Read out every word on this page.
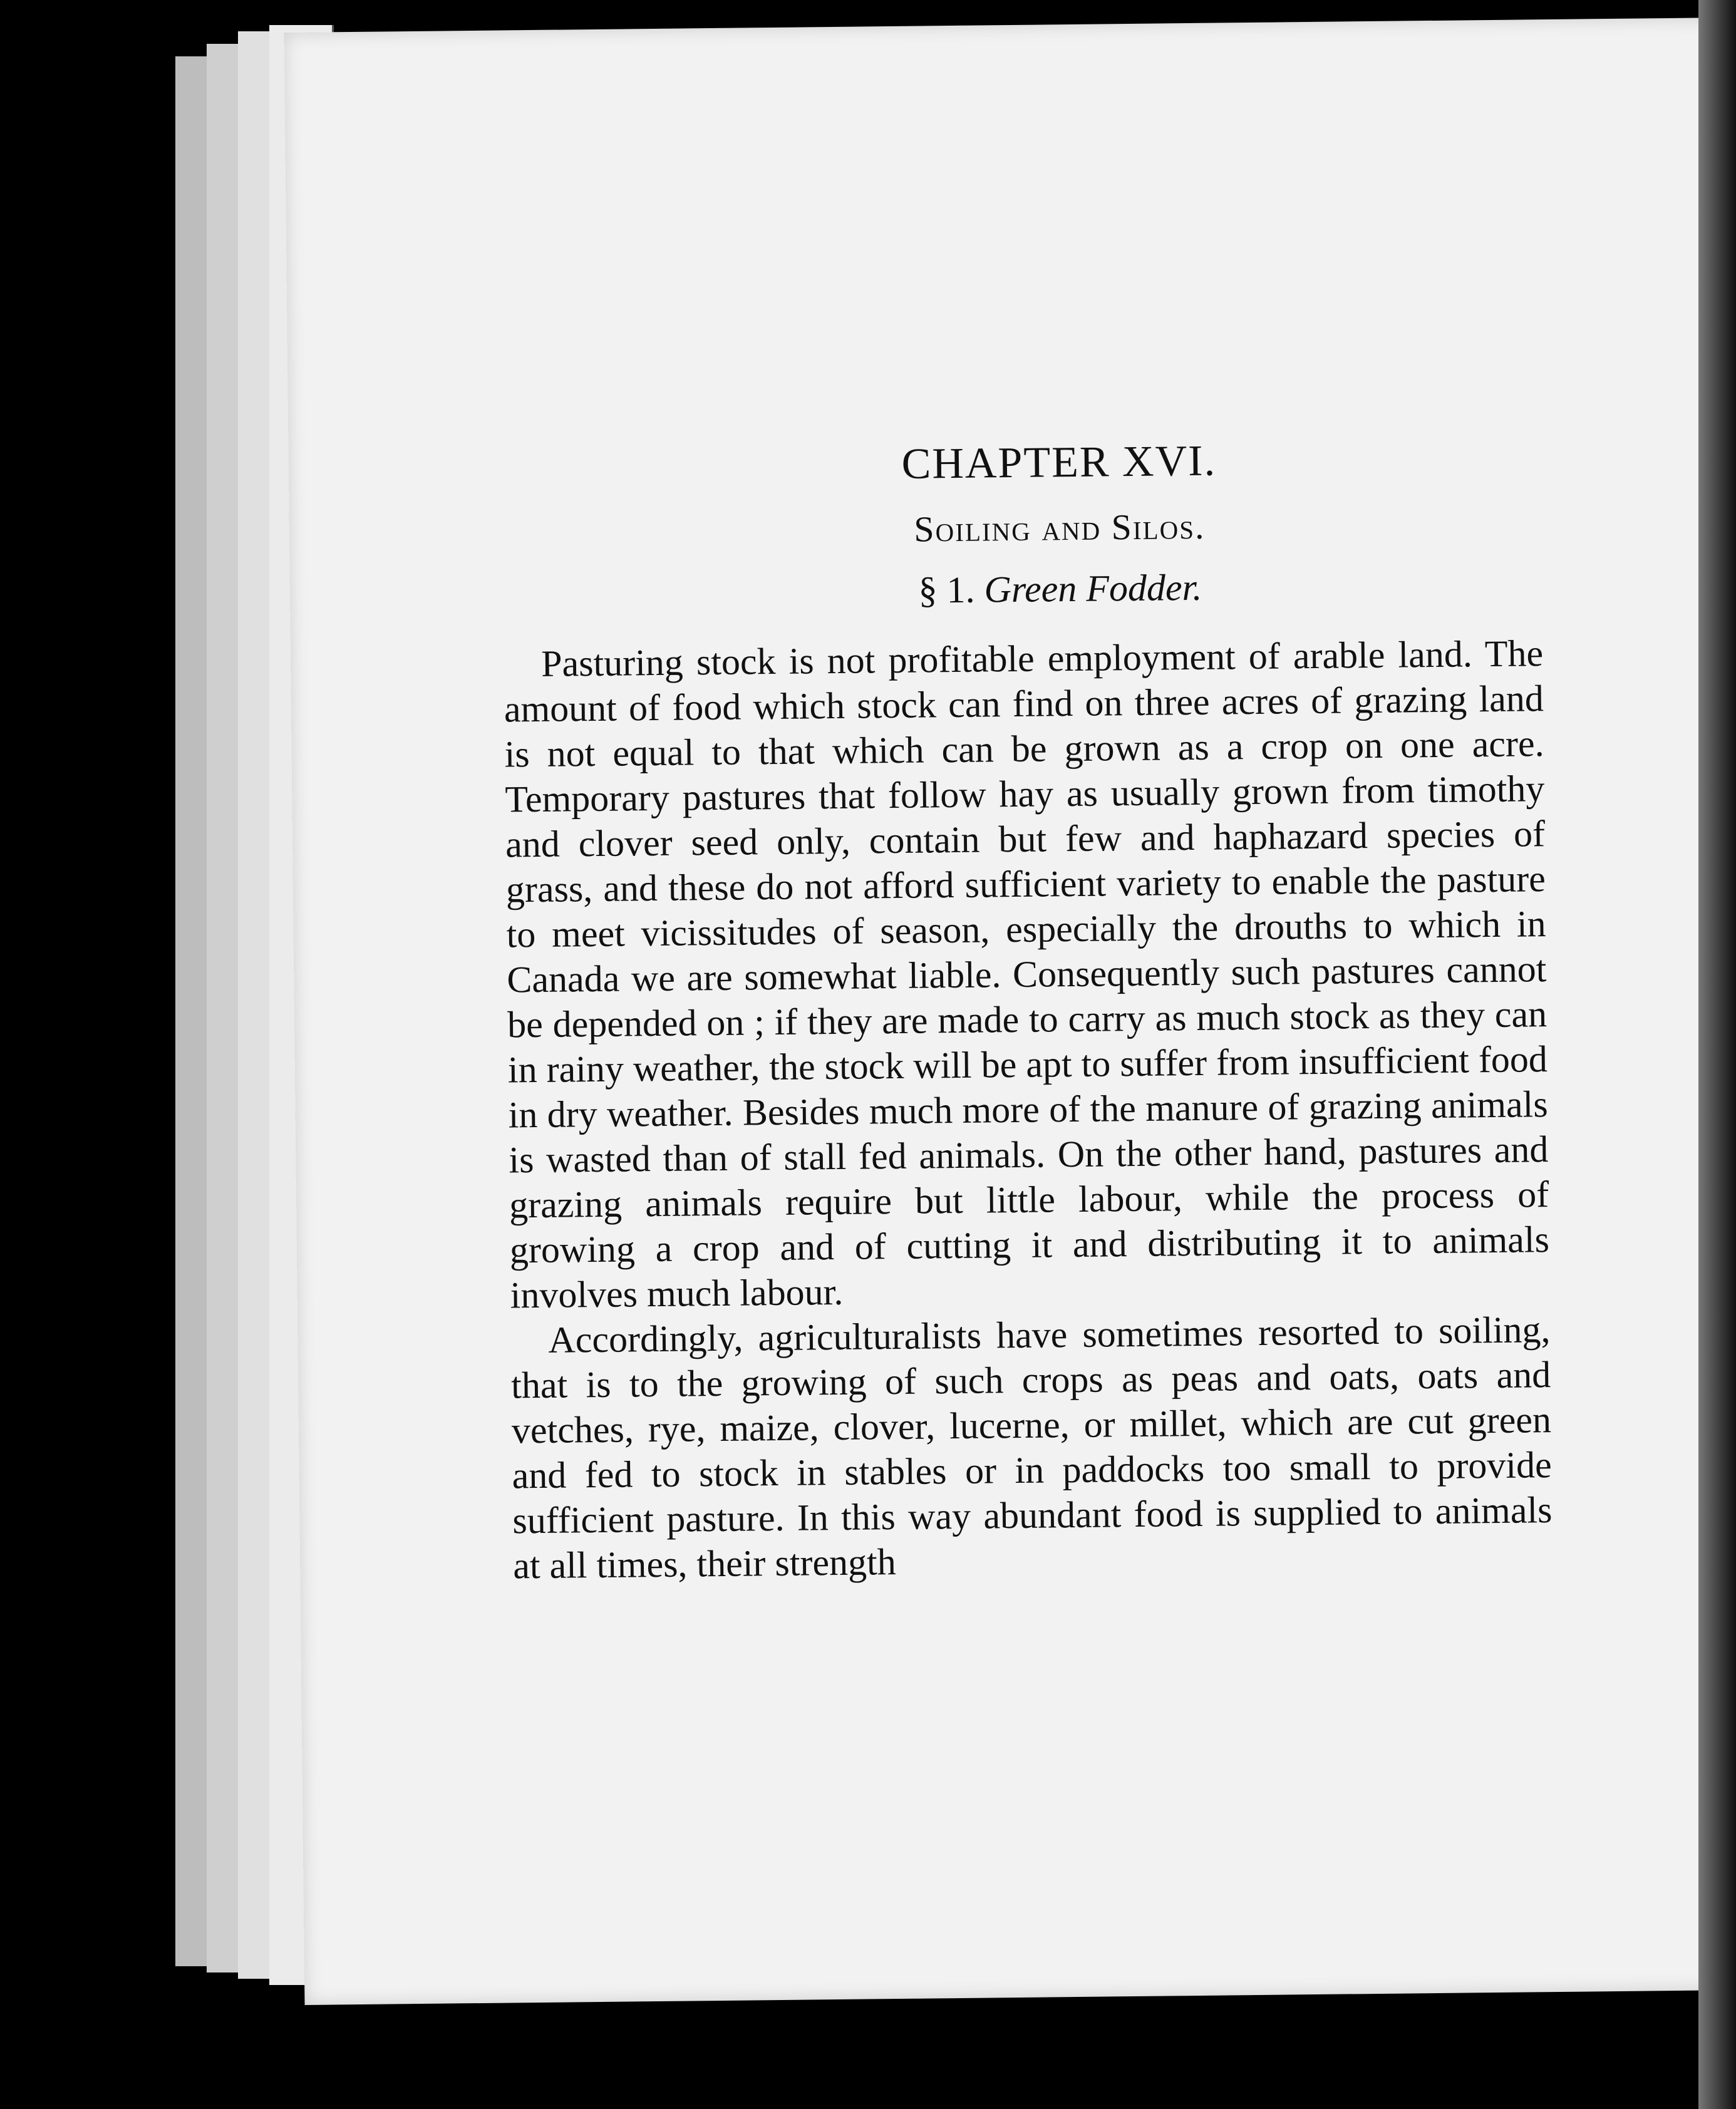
CHAPTER XVI.
Soiling and Silos.
§ 1. Green Fodder.

Pasturing stock is not profitable employment of arable land. The amount of food which stock can find on three acres of grazing land is not equal to that which can be grown as a crop on one acre. Temporary pastures that follow hay as usually grown from timothy and clover seed only, contain but few and haphazard species of grass, and these do not afford sufficient variety to enable the pasture to meet vicissitudes of season, especially the drouths to which in Canada we are somewhat liable. Consequently such pastures cannot be depended on ; if they are made to carry as much stock as they can in rainy weather, the stock will be apt to suffer from insufficient food in dry weather. Besides much more of the manure of grazing animals is wasted than of stall fed animals. On the other hand, pastures and grazing animals require but little labour, while the process of growing a crop and of cutting it and distributing it to animals involves much labour.

Accordingly, agriculturalists have sometimes resorted to soiling, that is to the growing of such crops as peas and oats, oats and vetches, rye, maize, clover, lucerne, or millet, which are cut green and fed to stock in stables or in paddocks too small to provide sufficient pasture. In this way abundant food is supplied to animals at all times, their strength
